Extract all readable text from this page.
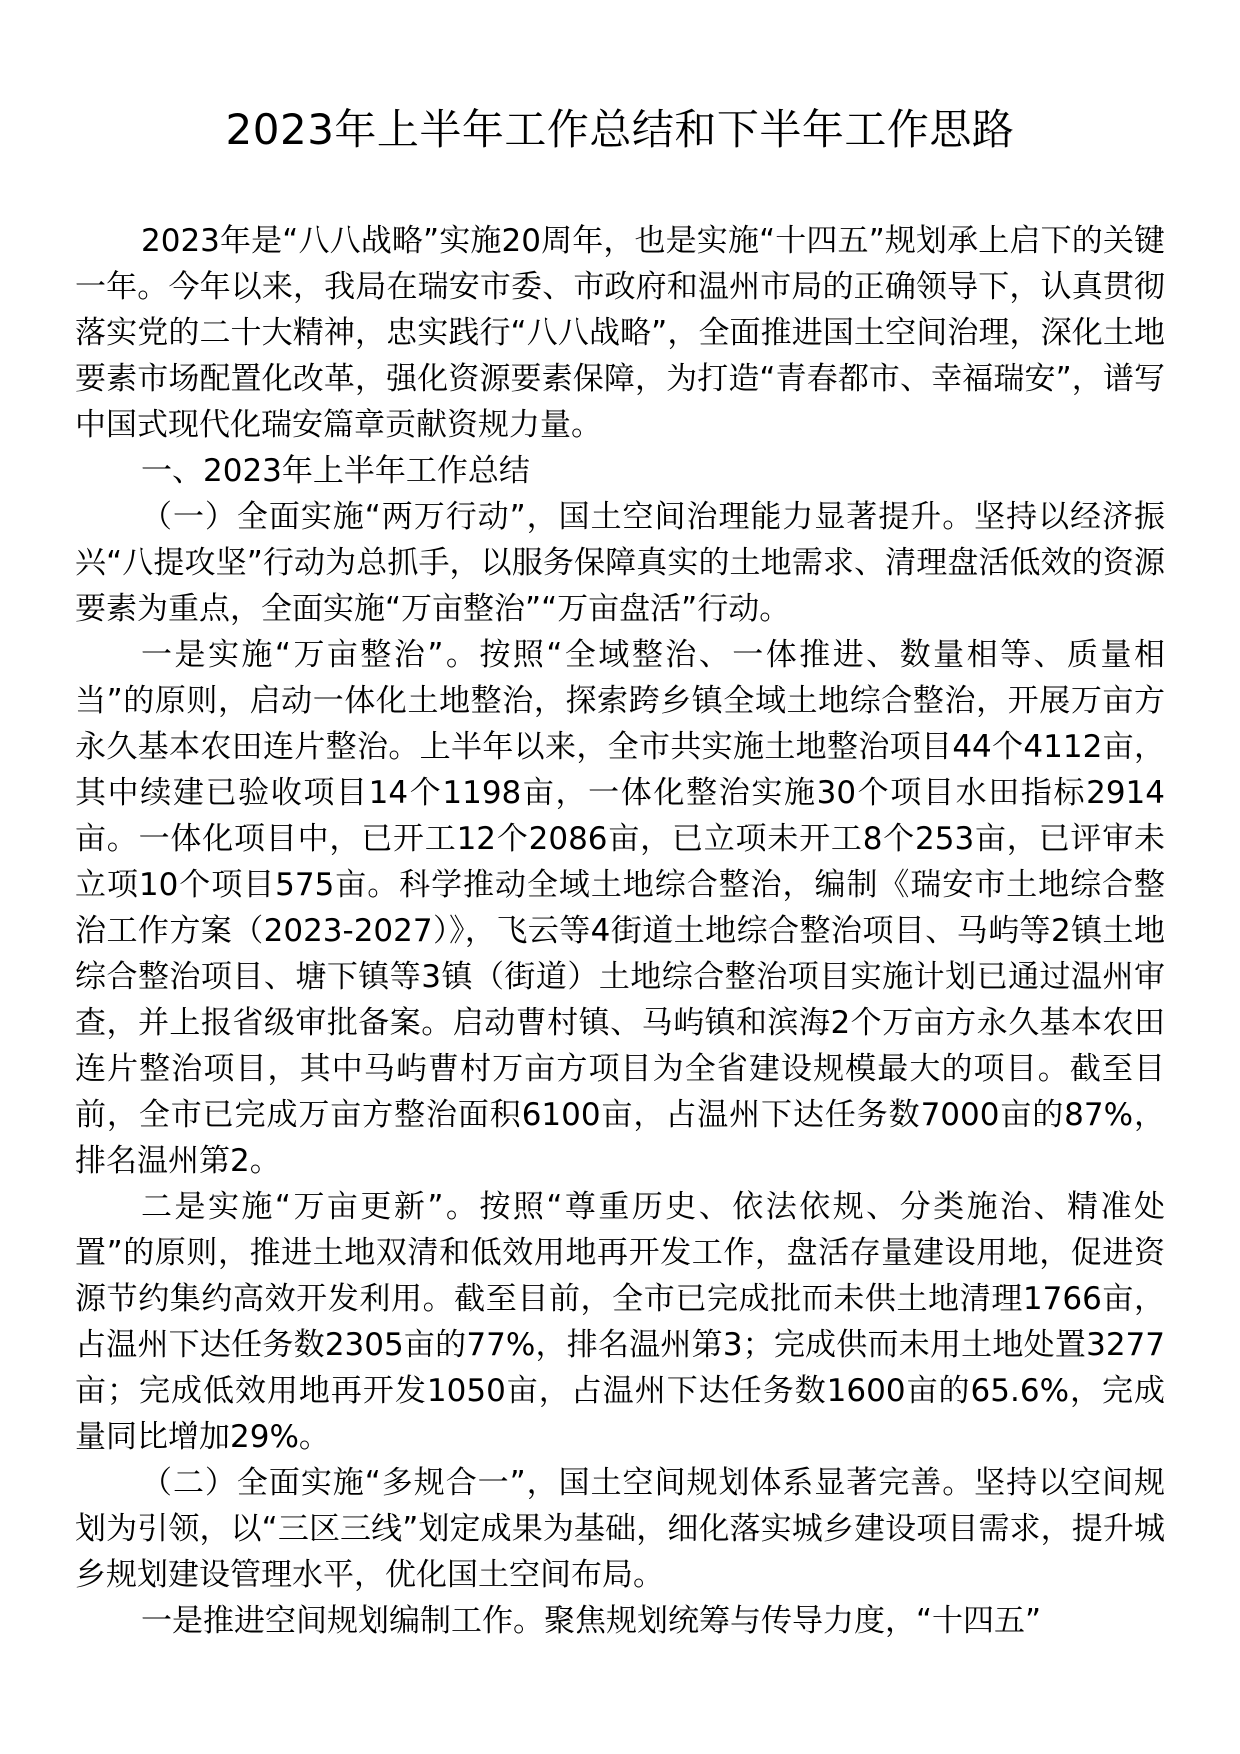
2023年上半年工作总结和下半年工作思路

2023年是“八八战略”实施20周年，也是实施“十四五”规划承上启下的关键一年。今年以来，我局在瑞安市委、市政府和温州市局的正确领导下，认真贯彻落实党的二十大精神，忠实践行“八八战略”，全面推进国土空间治理，深化土地要素市场配置化改革，强化资源要素保障，为打造“青春都市、幸福瑞安”，谱写中国式现代化瑞安篇章贡献资规力量。

一、2023年上半年工作总结

（一）全面实施“两万行动”，国土空间治理能力显著提升。坚持以经济振兴“八提攻坚”行动为总抓手，以服务保障真实的土地需求、清理盘活低效的资源要素为重点，全面实施“万亩整治”“万亩盘活”行动。

一是实施“万亩整治”。按照“全域整治、一体推进、数量相等、质量相当”的原则，启动一体化土地整治，探索跨乡镇全域土地综合整治，开展万亩方永久基本农田连片整治。上半年以来，全市共实施土地整治项目44个4112亩，其中续建已验收项目14个1198亩，一体化整治实施30个项目水田指标2914亩。一体化项目中，已开工12个2086亩，已立项未开工8个253亩，已评审未立项10个项目575亩。科学推动全域土地综合整治，编制《瑞安市土地综合整治工作方案（2023-2027）》，飞云等4街道土地综合整治项目、马屿等2镇土地综合整治项目、塘下镇等3镇（街道）土地综合整治项目实施计划已通过温州审查，并上报省级审批备案。启动曹村镇、马屿镇和滨海2个万亩方永久基本农田连片整治项目，其中马屿曹村万亩方项目为全省建设规模最大的项目。截至目前，全市已完成万亩方整治面积6100亩，占温州下达任务数7000亩的87%，排名温州第2。

二是实施“万亩更新”。按照“尊重历史、依法依规、分类施治、精准处置”的原则，推进土地双清和低效用地再开发工作，盘活存量建设用地，促进资源节约集约高效开发利用。截至目前，全市已完成批而未供土地清理1766亩，占温州下达任务数2305亩的77%，排名温州第3；完成供而未用土地处置3277亩；完成低效用地再开发1050亩，占温州下达任务数1600亩的65.6%，完成量同比增加29%。

（二）全面实施“多规合一”，国土空间规划体系显著完善。坚持以空间规划为引领，以“三区三线”划定成果为基础，细化落实城乡建设项目需求，提升城乡规划建设管理水平，优化国土空间布局。

一是推进空间规划编制工作。聚焦规划统筹与传导力度，“十四五”
